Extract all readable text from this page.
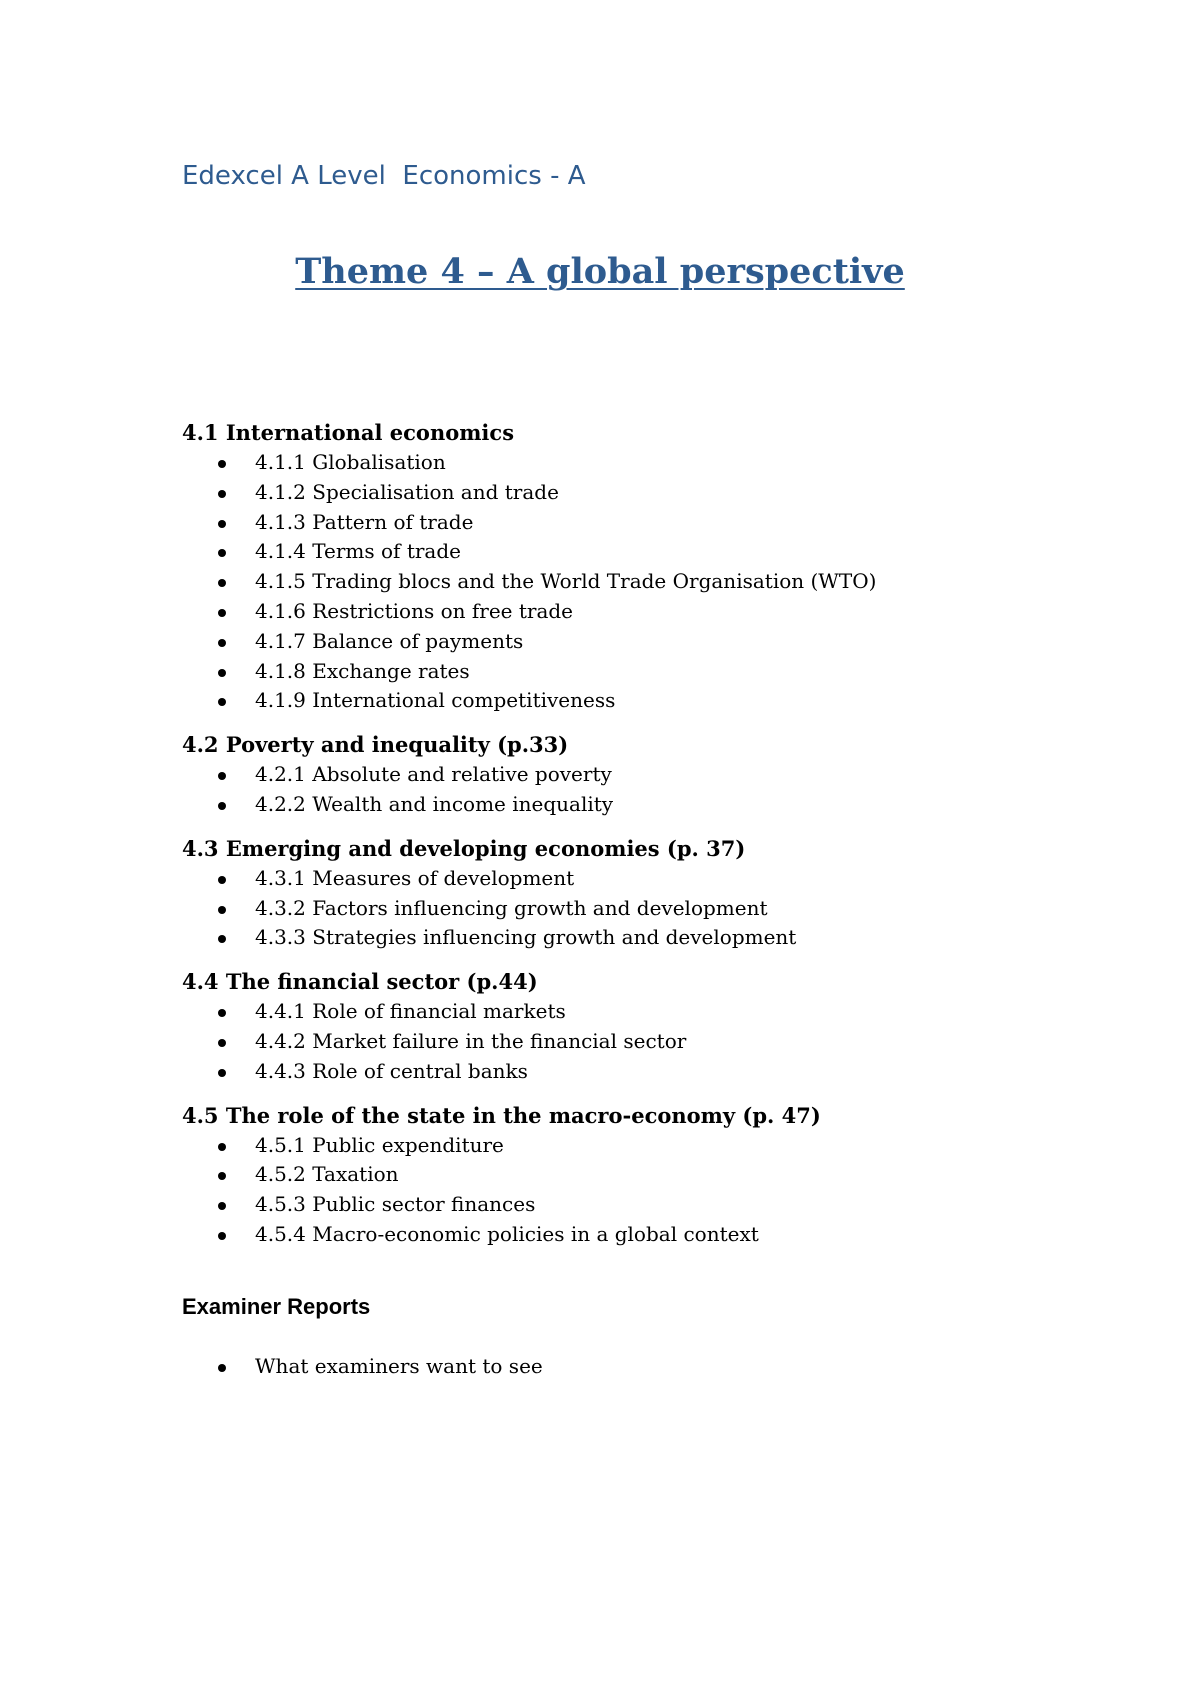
Edexcel A Level  Economics - A
Theme 4 – A global perspective
4.1 International economics
4.1.1 Globalisation
4.1.2 Specialisation and trade
4.1.3 Pattern of trade
4.1.4 Terms of trade
4.1.5 Trading blocs and the World Trade Organisation (WTO)
4.1.6 Restrictions on free trade
4.1.7 Balance of payments
4.1.8 Exchange rates
4.1.9 International competitiveness
4.2 Poverty and inequality (p.33)
4.2.1 Absolute and relative poverty
4.2.2 Wealth and income inequality
4.3 Emerging and developing economies (p. 37)
4.3.1 Measures of development
4.3.2 Factors influencing growth and development
4.3.3 Strategies influencing growth and development
4.4 The financial sector (p.44)
4.4.1 Role of financial markets
4.4.2 Market failure in the financial sector
4.4.3 Role of central banks
4.5 The role of the state in the macro-economy (p. 47)
4.5.1 Public expenditure
4.5.2 Taxation
4.5.3 Public sector finances
4.5.4 Macro-economic policies in a global context
Examiner Reports
What examiners want to see
